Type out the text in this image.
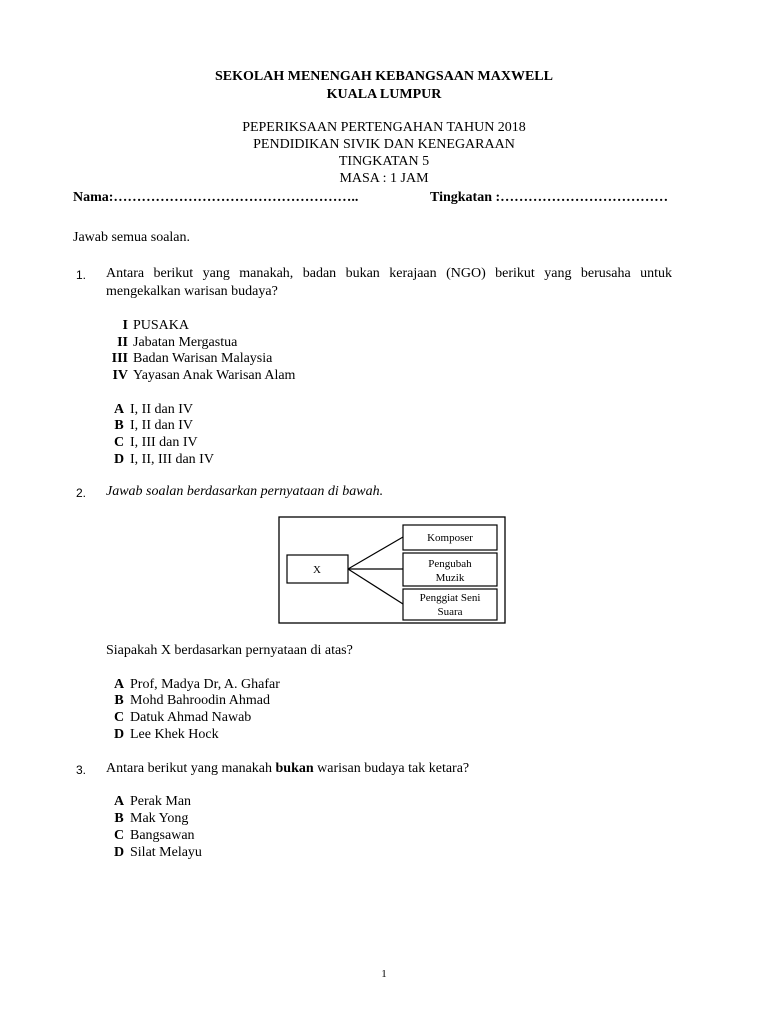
SEKOLAH MENENGAH KEBANGSAAN MAXWELL
KUALA LUMPUR
PEPERIKSAAN PERTENGAHAN TAHUN 2018
PENDIDIKAN SIVIK DAN KENEGARAAN
TINGKATAN 5
MASA : 1 JAM
Nama:……………………………………………..	Tingkatan :………………………………
Jawab semua soalan.
1. Antara berikut yang manakah, badan bukan kerajaan (NGO) berikut yang berusaha untuk
mengekalkan warisan budaya?
I PUSAKA
II Jabatan Mergastua
III Badan Warisan Malaysia
IV Yayasan Anak Warisan Alam
A I, II dan IV
B I, II dan IV
C I, III dan IV
D I, II, III dan IV
2. Jawab soalan berdasarkan pernyataan di bawah.
X
Komposer
Pengubah
Muzik
Penggiat Seni
Suara
Siapakah X berdasarkan pernyataan di atas?
A Prof, Madya Dr, A. Ghafar
B Mohd Bahroodin Ahmad
C Datuk Ahmad Nawab
D Lee Khek Hock
3. Antara berikut yang manakah bukan warisan budaya tak ketara?
A Perak Man
B Mak Yong
C Bangsawan
D Silat Melayu
1
